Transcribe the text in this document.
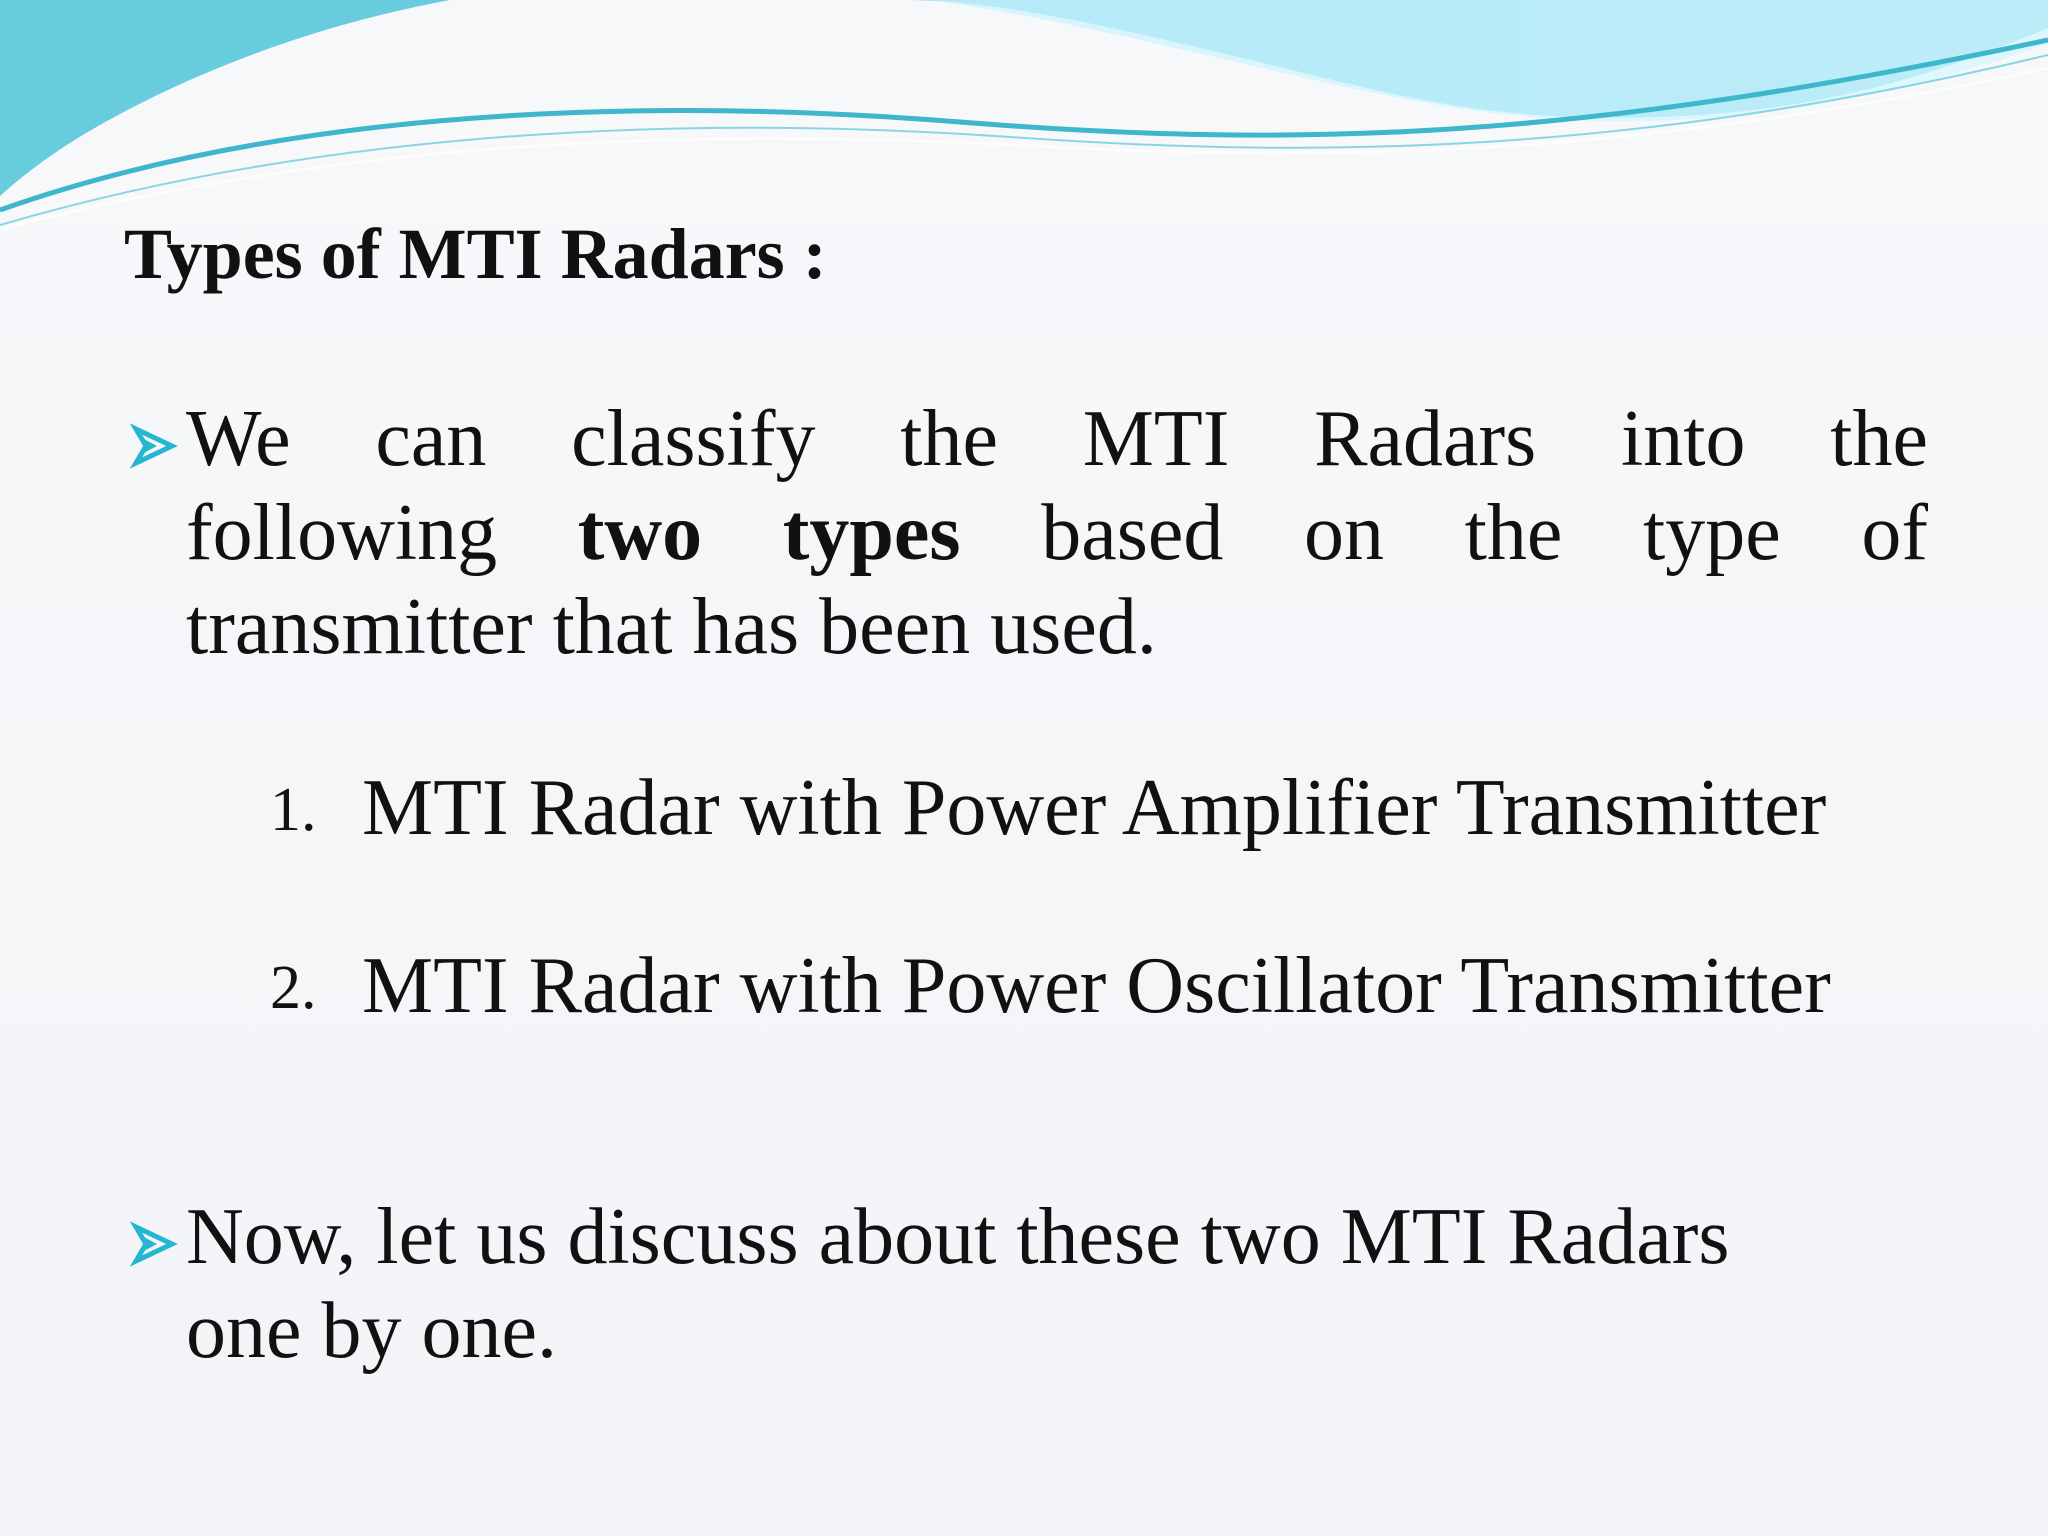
Types of MTI Radars :
We can classify the MTI Radars into the
following two types based on the type of
transmitter that has been used.
1. MTI Radar with Power Amplifier Transmitter
2. MTI Radar with Power Oscillator Transmitter
Now, let us discuss about these two MTI Radars
one by one.
